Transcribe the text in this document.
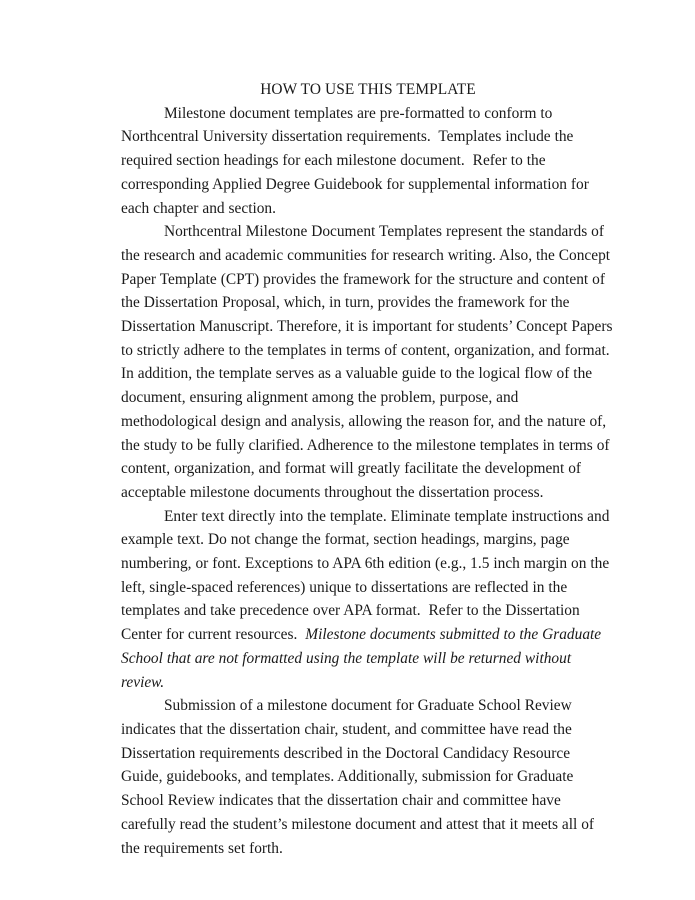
HOW TO USE THIS TEMPLATE

Milestone document templates are pre-formatted to conform to Northcentral University dissertation requirements.  Templates include the required section headings for each milestone document.  Refer to the corresponding Applied Degree Guidebook for supplemental information for each chapter and section.

Northcentral Milestone Document Templates represent the standards of the research and academic communities for research writing. Also, the Concept Paper Template (CPT) provides the framework for the structure and content of the Dissertation Proposal, which, in turn, provides the framework for the Dissertation Manuscript. Therefore, it is important for students’ Concept Papers to strictly adhere to the templates in terms of content, organization, and format. In addition, the template serves as a valuable guide to the logical flow of the document, ensuring alignment among the problem, purpose, and methodological design and analysis, allowing the reason for, and the nature of, the study to be fully clarified. Adherence to the milestone templates in terms of content, organization, and format will greatly facilitate the development of acceptable milestone documents throughout the dissertation process.

Enter text directly into the template. Eliminate template instructions and example text. Do not change the format, section headings, margins, page numbering, or font. Exceptions to APA 6th edition (e.g., 1.5 inch margin on the left, single-spaced references) unique to dissertations are reflected in the templates and take precedence over APA format.  Refer to the Dissertation Center for current resources.  Milestone documents submitted to the Graduate School that are not formatted using the template will be returned without review.

Submission of a milestone document for Graduate School Review indicates that the dissertation chair, student, and committee have read the Dissertation requirements described in the Doctoral Candidacy Resource Guide, guidebooks, and templates. Additionally, submission for Graduate School Review indicates that the dissertation chair and committee have carefully read the student’s milestone document and attest that it meets all of the requirements set forth.
